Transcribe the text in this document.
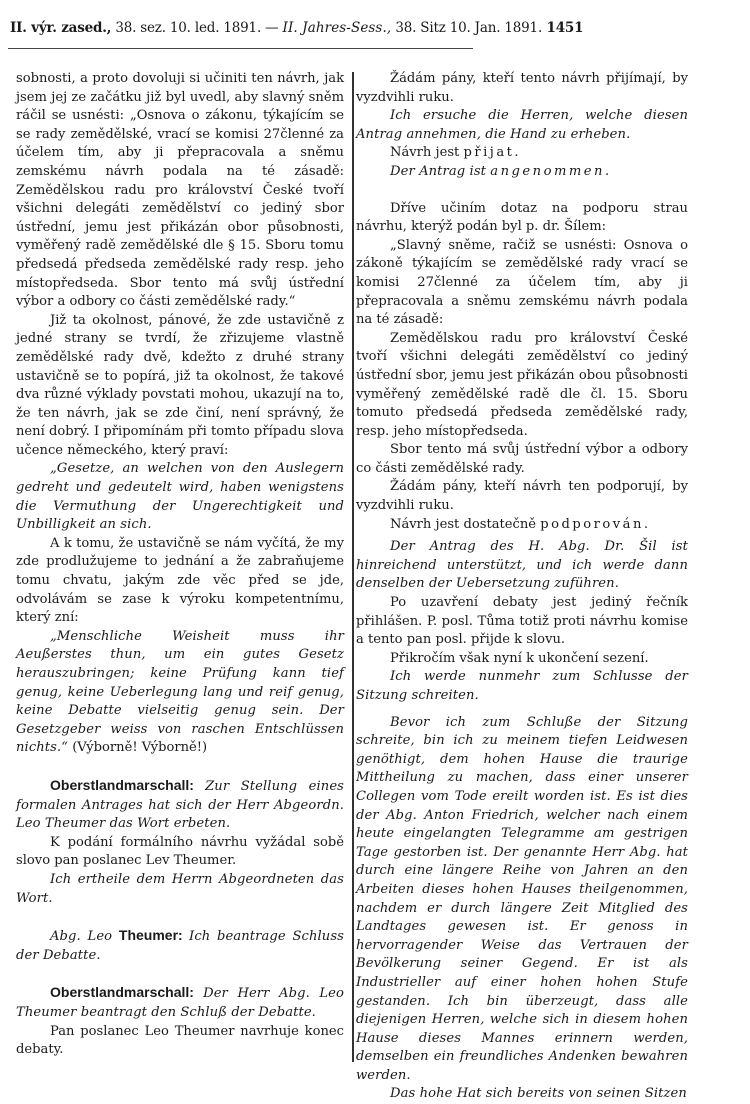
II. výr. zased., 38. sez. 10. led. 1891. — II. Jahres-Sess., 38. Sitz 10. Jan. 1891. 1451

sobnosti, a proto dovoluji si učiniti ten návrh, jak jsem jej ze začátku již byl uvedl, aby slavný sněm ráčil se usnésti: „Osnova o zákonu, týkajícím se se rady zemědělské, vrací se komisi 27členné za účelem tím, aby ji přepracovala a sněmu zemskému návrh podala na té zásadě: Zemědělskou radu pro království České tvoří všichni delegáti zemědělství co jediný sbor ústřední, jemu jest přikázán obor působnosti, vyměřený radě zemědělské dle § 15. Sboru tomu předsedá předseda zemědělské rady resp. jeho místopředseda. Sbor tento má svůj ústřední výbor a odbory co části zemědělské rady.“

Již ta okolnost, pánové, že zde ustavičně z jedné strany se tvrdí, že zřizujeme vlastně zemědělské rady dvě, kdežto z druhé strany ustavičně se to popírá, již ta okolnost, že takové dva různé výklady povstati mohou, ukazují na to, že ten návrh, jak se zde činí, není správný, že není dobrý. I připomínám při tomto případu slova učence německého, který praví:

„Gesetze, an welchen von den Auslegern gedreht und gedeutelt wird, haben wenigstens die Vermuthung der Ungerechtigkeit und Unbilligkeit an sich.

A k tomu, že ustavičně se nám vyčítá, že my zde prodlužujeme to jednání a že zabraňujeme tomu chvatu, jakým zde věc před se jde, odvolávám se zase k výroku kompetentnímu, který zní:

„Menschliche Weisheit muss ihr Aeußerstes thun, um ein gutes Gesetz herauszubringen; keine Prüfung kann tief genug, keine Ueberlegung lang und reif genug, keine Debatte vielseitig genug sein. Der Gesetzgeber weiss von raschen Entschlüssen nichts.“ (Výborně! Výborně!)

Oberstlandmarschall: Zur Stellung eines formalen Antrages hat sich der Herr Abgeordn. Leo Theumer das Wort erbeten.

K podání formálního návrhu vyžádal sobě slovo pan poslanec Lev Theumer.

Ich ertheile dem Herrn Abgeordneten das Wort.

Abg. Leo Theumer: Ich beantrage Schluss der Debatte.

Oberstlandmarschall: Der Herr Abg. Leo Theumer beantragt den Schluß der Debatte.

Pan poslanec Leo Theumer navrhuje konec debaty.

Žádám pány, kteří tento návrh přijímají, by vyzdvihli ruku.

Ich ersuche die Herren, welche diesen Antrag annehmen, die Hand zu erheben.

Návrh jest přijat.

Der Antrag ist angenommen.

Dříve učiním dotaz na podporu strau návrhu, kterýž podán byl p. dr. Šílem:

„Slavný sněme, račiž se usnésti: Osnova o zákoně týkajícím se zemědělské rady vrací se komisi 27členné za účelem tím, aby ji přepracovala a sněmu zemskému návrh podala na té zásadě:

Zemědělskou radu pro království České tvoří všichni delegáti zemědělství co jediný ústřední sbor, jemu jest přikázán obou působnosti vyměřený zemědělské radě dle čl. 15. Sboru tomuto předsedá předseda zemědělské rady, resp. jeho místopředseda.

Sbor tento má svůj ústřední výbor a odbory co části zemědělské rady.

Žádám pány, kteří návrh ten podporují, by vyzdvihli ruku.

Návrh jest dostatečně podporován.

Der Antrag des H. Abg. Dr. Šil ist hinreichend unterstützt, und ich werde dann denselben der Uebersetzung zuführen.

Po uzavření debaty jest jediný řečník přihlášen. P. posl. Tůma totiž proti návrhu komise a tento pan posl. přijde k slovu.

Přikročím však nyní k ukončení sezení.

Ich werde nunmehr zum Schlusse der Sitzung schreiten.

Bevor ich zum Schluße der Sitzung schreite, bin ich zu meinem tiefen Leidwesen genöthigt, dem hohen Hause die traurige Mittheilung zu machen, dass einer unserer Collegen vom Tode ereilt worden ist. Es ist dies der Abg. Anton Friedrich, welcher nach einem heute eingelangten Telegramme am gestrigen Tage gestorben ist. Der genannte Herr Abg. hat durch eine längere Reihe von Jahren an den Arbeiten dieses hohen Hauses theilgenommen, nachdem er durch längere Zeit Mitglied des Landtages gewesen ist. Er genoss in hervorragender Weise das Vertrauen der Bevölkerung seiner Gegend. Er ist als Industrieller auf einer hohen hohen Stufe gestanden. Ich bin überzeugt, dass alle diejenigen Herren, welche sich in diesem hohen Hause dieses Mannes erinnern werden, demselben ein freundliches Andenken bewahren werden.

Das hohe Hat sich bereits von seinen Sitzen
